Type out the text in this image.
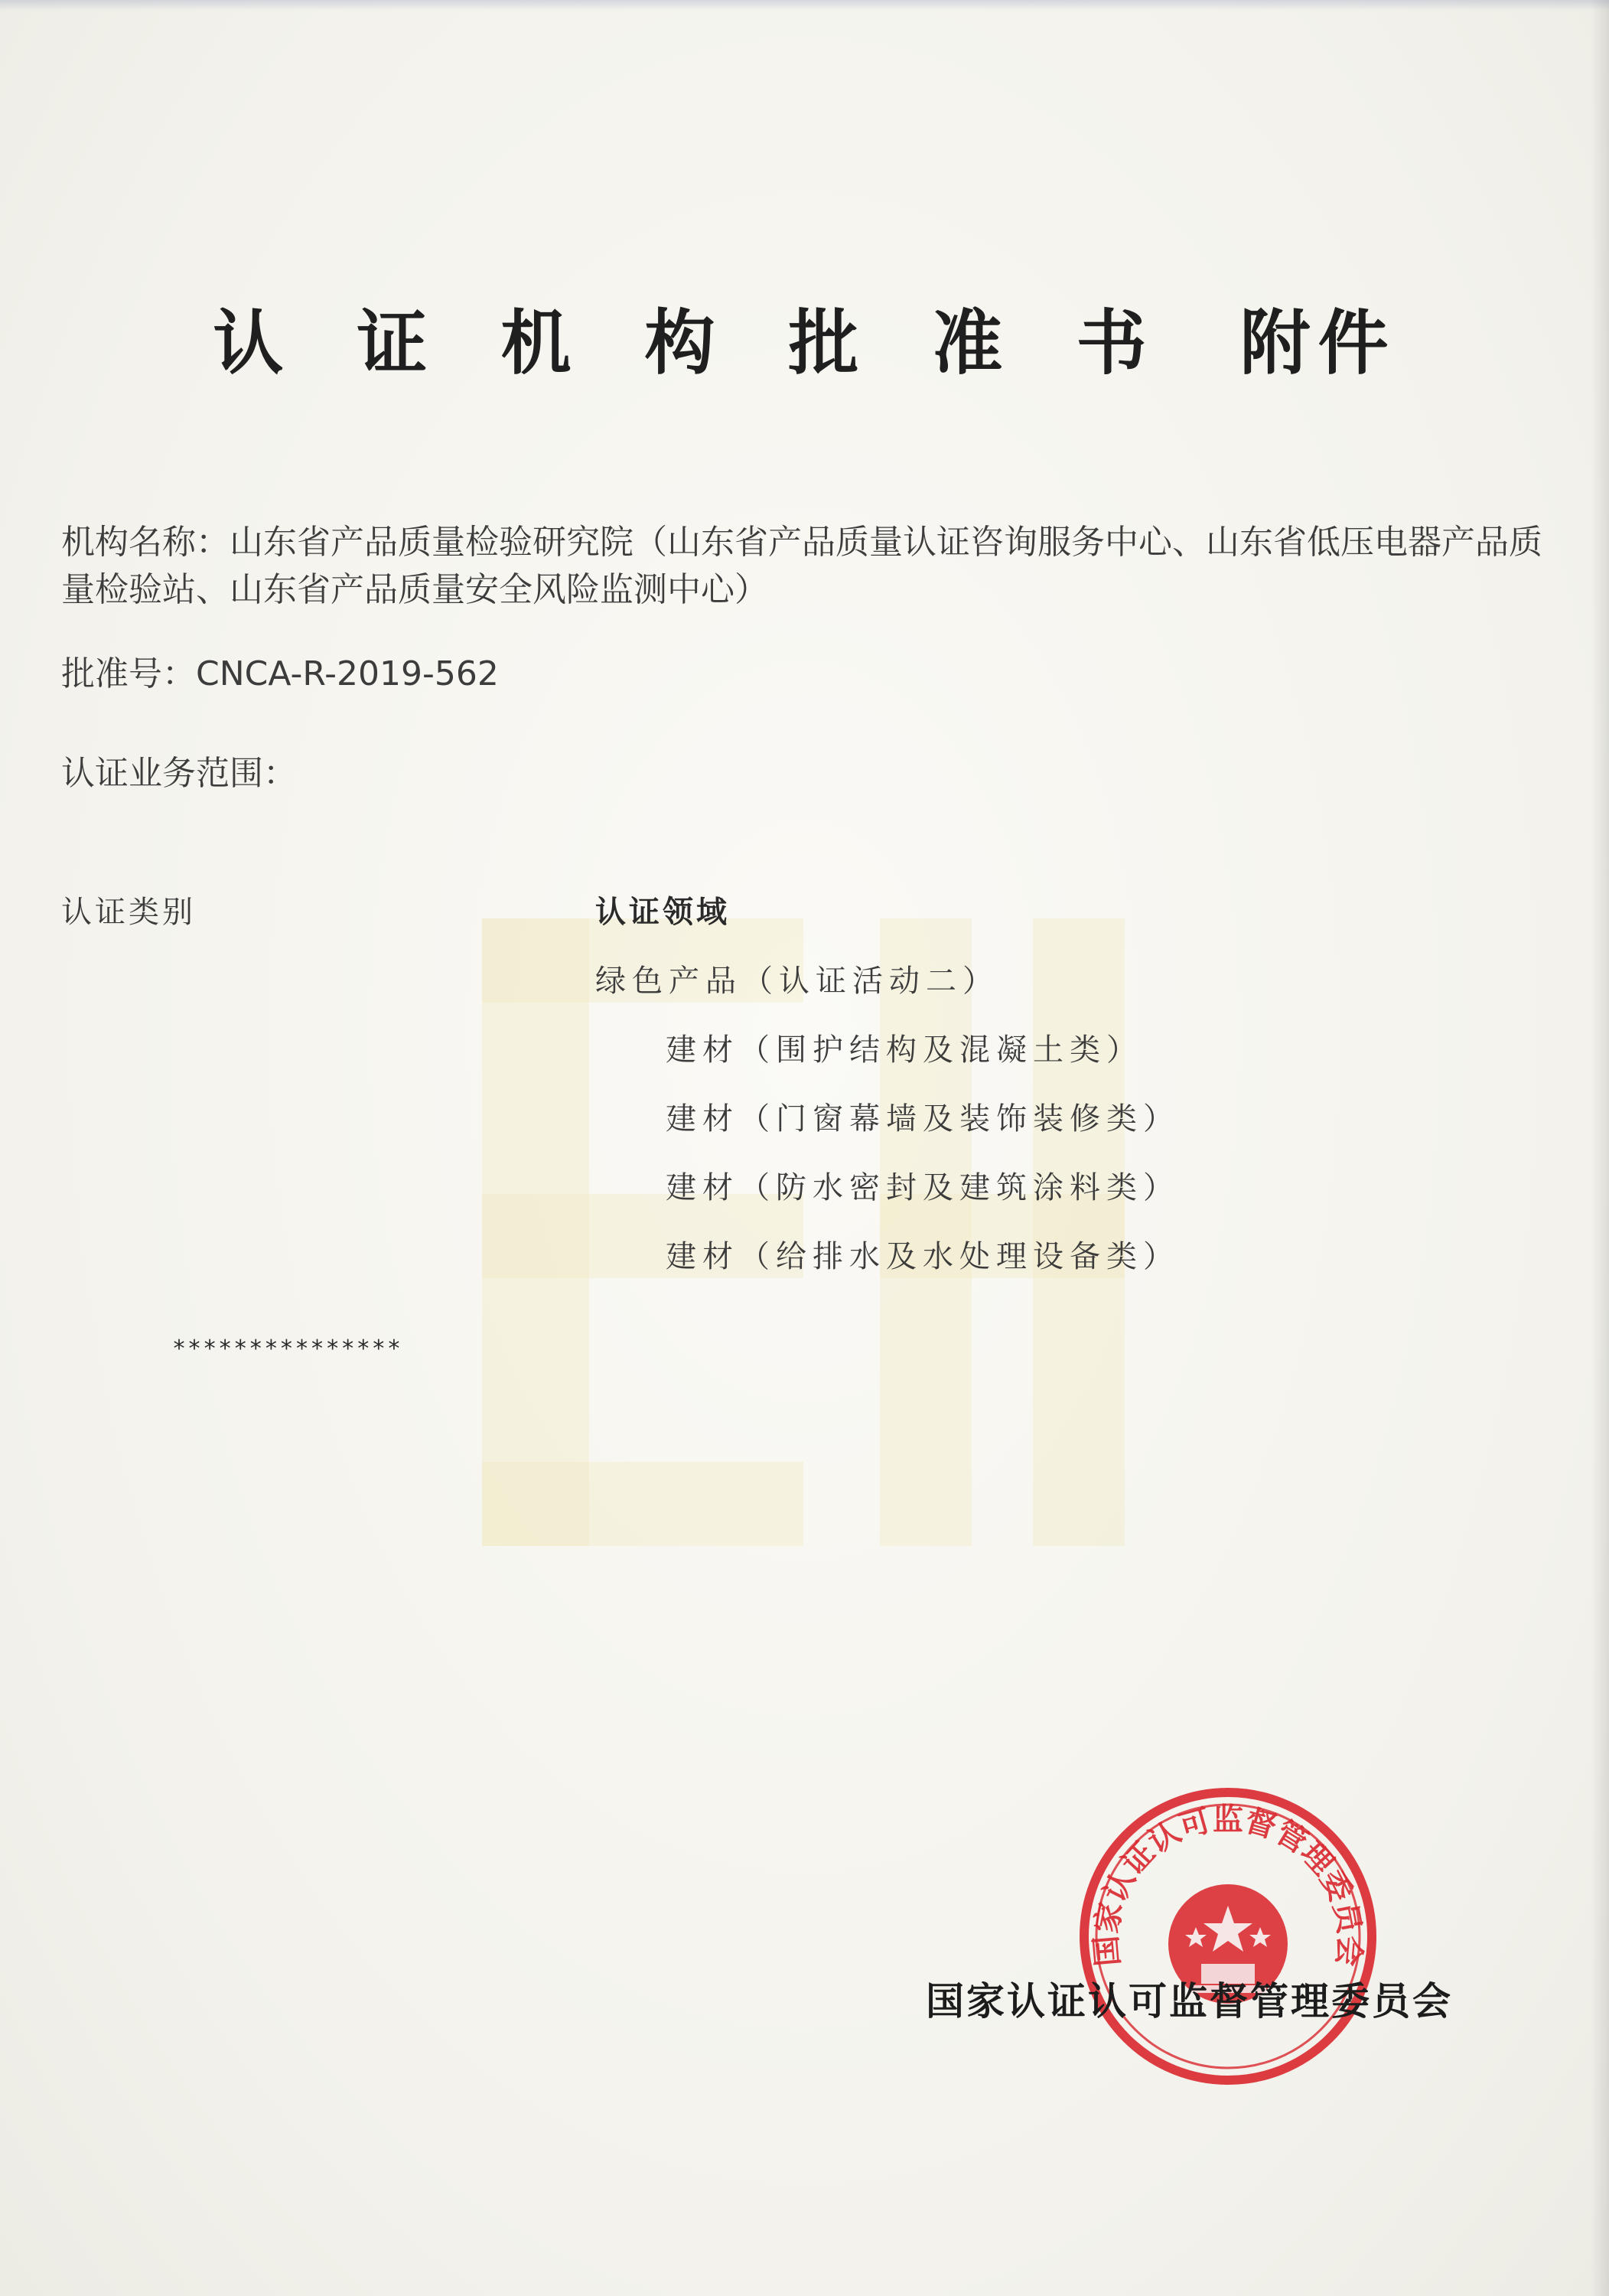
认 证 机 构 批 准 书 附件
机构名称：山东省产品质量检验研究院（山东省产品质量认证咨询服务中心、山东省低压电器产品质量检验站、山东省产品质量安全风险监测中心）
批准号：CNCA-R-2019-562
认证业务范围：
认证类别	认证领域
绿色产品（认证活动二）
建材（围护结构及混凝土类）
建材（门窗幕墙及装饰装修类）
建材（防水密封及建筑涂料类）
建材（给排水及水处理设备类）
***************
国家认证认可监督管理委员会
国家认证认可监督管理委员会
